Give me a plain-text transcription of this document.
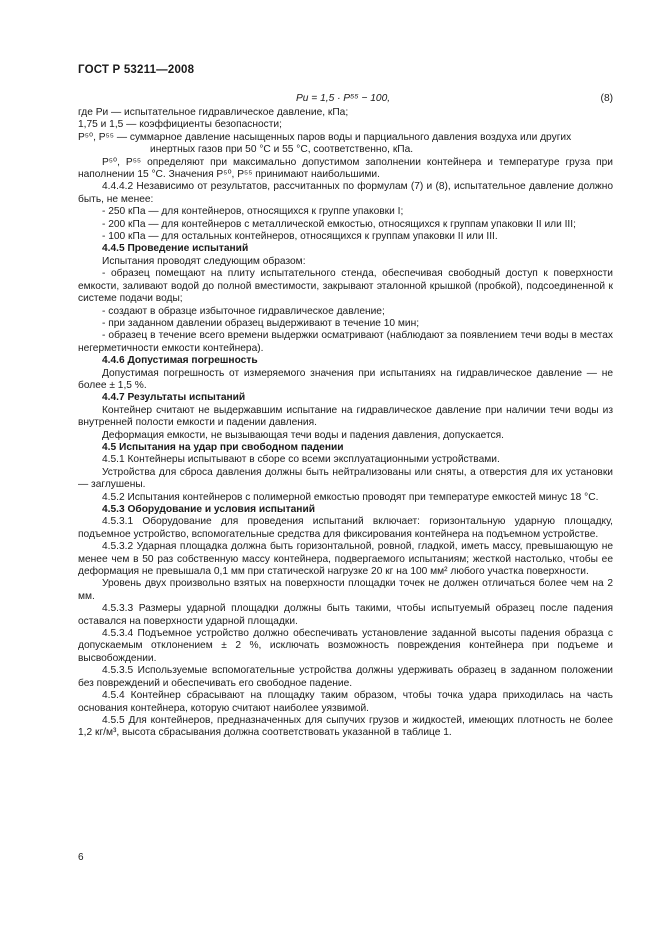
ГОСТ Р 53211—2008
Pи = 1,5 · P⁵⁵ − 100,	(8)

где Pи — испытательное гидравлическое давление, кПа;

1,75 и 1,5 — коэффициенты безопасности;

P⁵⁰, P⁵⁵ — суммарное давление насыщенных паров воды и парциального давления воздуха или других

инертных газов при 50 °С и 55 °С, соответственно, кПа.

P⁵⁰, P⁵⁵ определяют при максимально допустимом заполнении контейнера и температуре груза при наполнении 15 °С. Значения P⁵⁰, P⁵⁵ принимают наибольшими.

4.4.4.2 Независимо от результатов, рассчитанных по формулам (7) и (8), испытательное давление должно быть, не менее:

- 250 кПа — для контейнеров, относящихся к группе упаковки I;

- 200 кПа — для контейнеров с металлической емкостью, относящихся к группам упаковки II или III;

- 100 кПа — для остальных контейнеров, относящихся к группам упаковки II или III.

4.4.5 Проведение испытаний

Испытания проводят следующим образом:

- образец помещают на плиту испытательного стенда, обеспечивая свободный доступ к поверхности емкости, заливают водой до полной вместимости, закрывают эталонной крышкой (пробкой), подсоединенной к системе подачи воды;

- создают в образце избыточное гидравлическое давление;

- при заданном давлении образец выдерживают в течение 10 мин;

- образец в течение всего времени выдержки осматривают (наблюдают за появлением течи воды в местах негерметичности емкости контейнера).

4.4.6 Допустимая погрешность

Допустимая погрешность от измеряемого значения при испытаниях на гидравлическое давление — не более ± 1,5 %.

4.4.7 Результаты испытаний

Контейнер считают не выдержавшим испытание на гидравлическое давление при наличии течи воды из внутренней полости емкости и падении давления.

Деформация емкости, не вызывающая течи воды и падения давления, допускается.

4.5 Испытания на удар при свободном падении

4.5.1 Контейнеры испытывают в сборе со всеми эксплуатационными устройствами.

Устройства для сброса давления должны быть нейтрализованы или сняты, а отверстия для их установки — заглушены.

4.5.2 Испытания контейнеров с полимерной емкостью проводят при температуре емкостей минус 18 °С.

4.5.3 Оборудование и условия испытаний

4.5.3.1 Оборудование для проведения испытаний включает: горизонтальную ударную площадку, подъемное устройство, вспомогательные средства для фиксирования контейнера на подъемном устройстве.

4.5.3.2 Ударная площадка должна быть горизонтальной, ровной, гладкой, иметь массу, превышающую не менее чем в 50 раз собственную массу контейнера, подвергаемого испытаниям; жесткой настолько, чтобы ее деформация не превышала 0,1 мм при статической нагрузке 20 кг на 100 мм² любого участка поверхности.

Уровень двух произвольно взятых на поверхности площадки точек не должен отличаться более чем на 2 мм.

4.5.3.3 Размеры ударной площадки должны быть такими, чтобы испытуемый образец после падения оставался на поверхности ударной площадки.

4.5.3.4 Подъемное устройство должно обеспечивать установление заданной высоты падения образца с допускаемым отклонением ± 2 %, исключать возможность повреждения контейнера при подъеме и высвобождении.

4.5.3.5 Используемые вспомогательные устройства должны удерживать образец в заданном положении без повреждений и обеспечивать его свободное падение.

4.5.4 Контейнер сбрасывают на площадку таким образом, чтобы точка удара приходилась на часть основания контейнера, которую считают наиболее уязвимой.

4.5.5 Для контейнеров, предназначенных для сыпучих грузов и жидкостей, имеющих плотность не более 1,2 кг/м³, высота сбрасывания должна соответствовать указанной в таблице 1.

6
